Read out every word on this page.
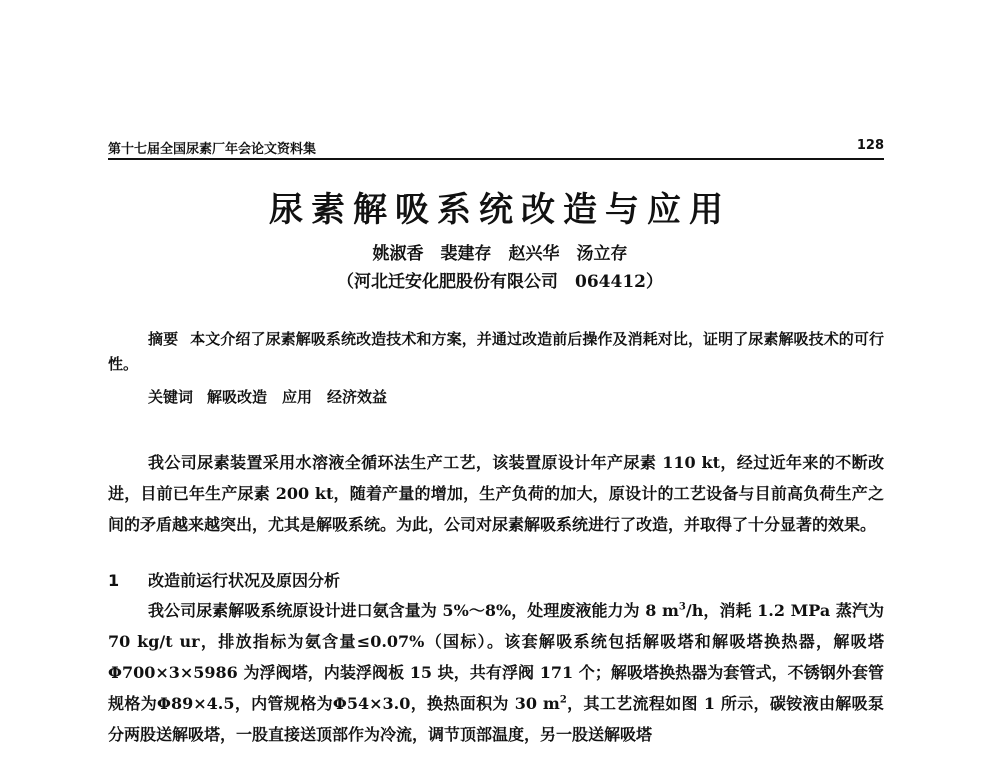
第十七届全国尿素厂年会论文资料集	128
尿素解吸系统改造与应用
姚淑香　裴建存　赵兴华　汤立存
（河北迁安化肥股份有限公司　064412）
摘要 本文介绍了尿素解吸系统改造技术和方案，并通过改造前后操作及消耗对比，证明了尿素解吸技术的可行性。
关键词 解吸改造　应用　经济效益
我公司尿素装置采用水溶液全循环法生产工艺，该装置原设计年产尿素 110 kt，经过近年来的不断改进，目前已年生产尿素 200 kt，随着产量的增加，生产负荷的加大，原设计的工艺设备与目前高负荷生产之间的矛盾越来越突出，尤其是解吸系统。为此，公司对尿素解吸系统进行了改造，并取得了十分显著的效果。
1 改造前运行状况及原因分析
我公司尿素解吸系统原设计进口氨含量为 5%～8%，处理废液能力为 8 $m^3/h$，消耗 1.2 MPa 蒸汽为 70 kg/t ur，排放指标为氨含量≤0.07%（国标）。该套解吸系统包括解吸塔和解吸塔换热器，解吸塔Φ700×3×5986 为浮阀塔，内装浮阀板 15 块，共有浮阀 171 个；解吸塔换热器为套管式，不锈钢外套管规格为Φ89×4.5，内管规格为Φ54×3.0，换热面积为 30 $m^2$，其工艺流程如图 1 所示，碳铵液由解吸泵分两股送解吸塔，一股直接送顶部作为冷流，调节顶部温度，另一股送解吸塔
